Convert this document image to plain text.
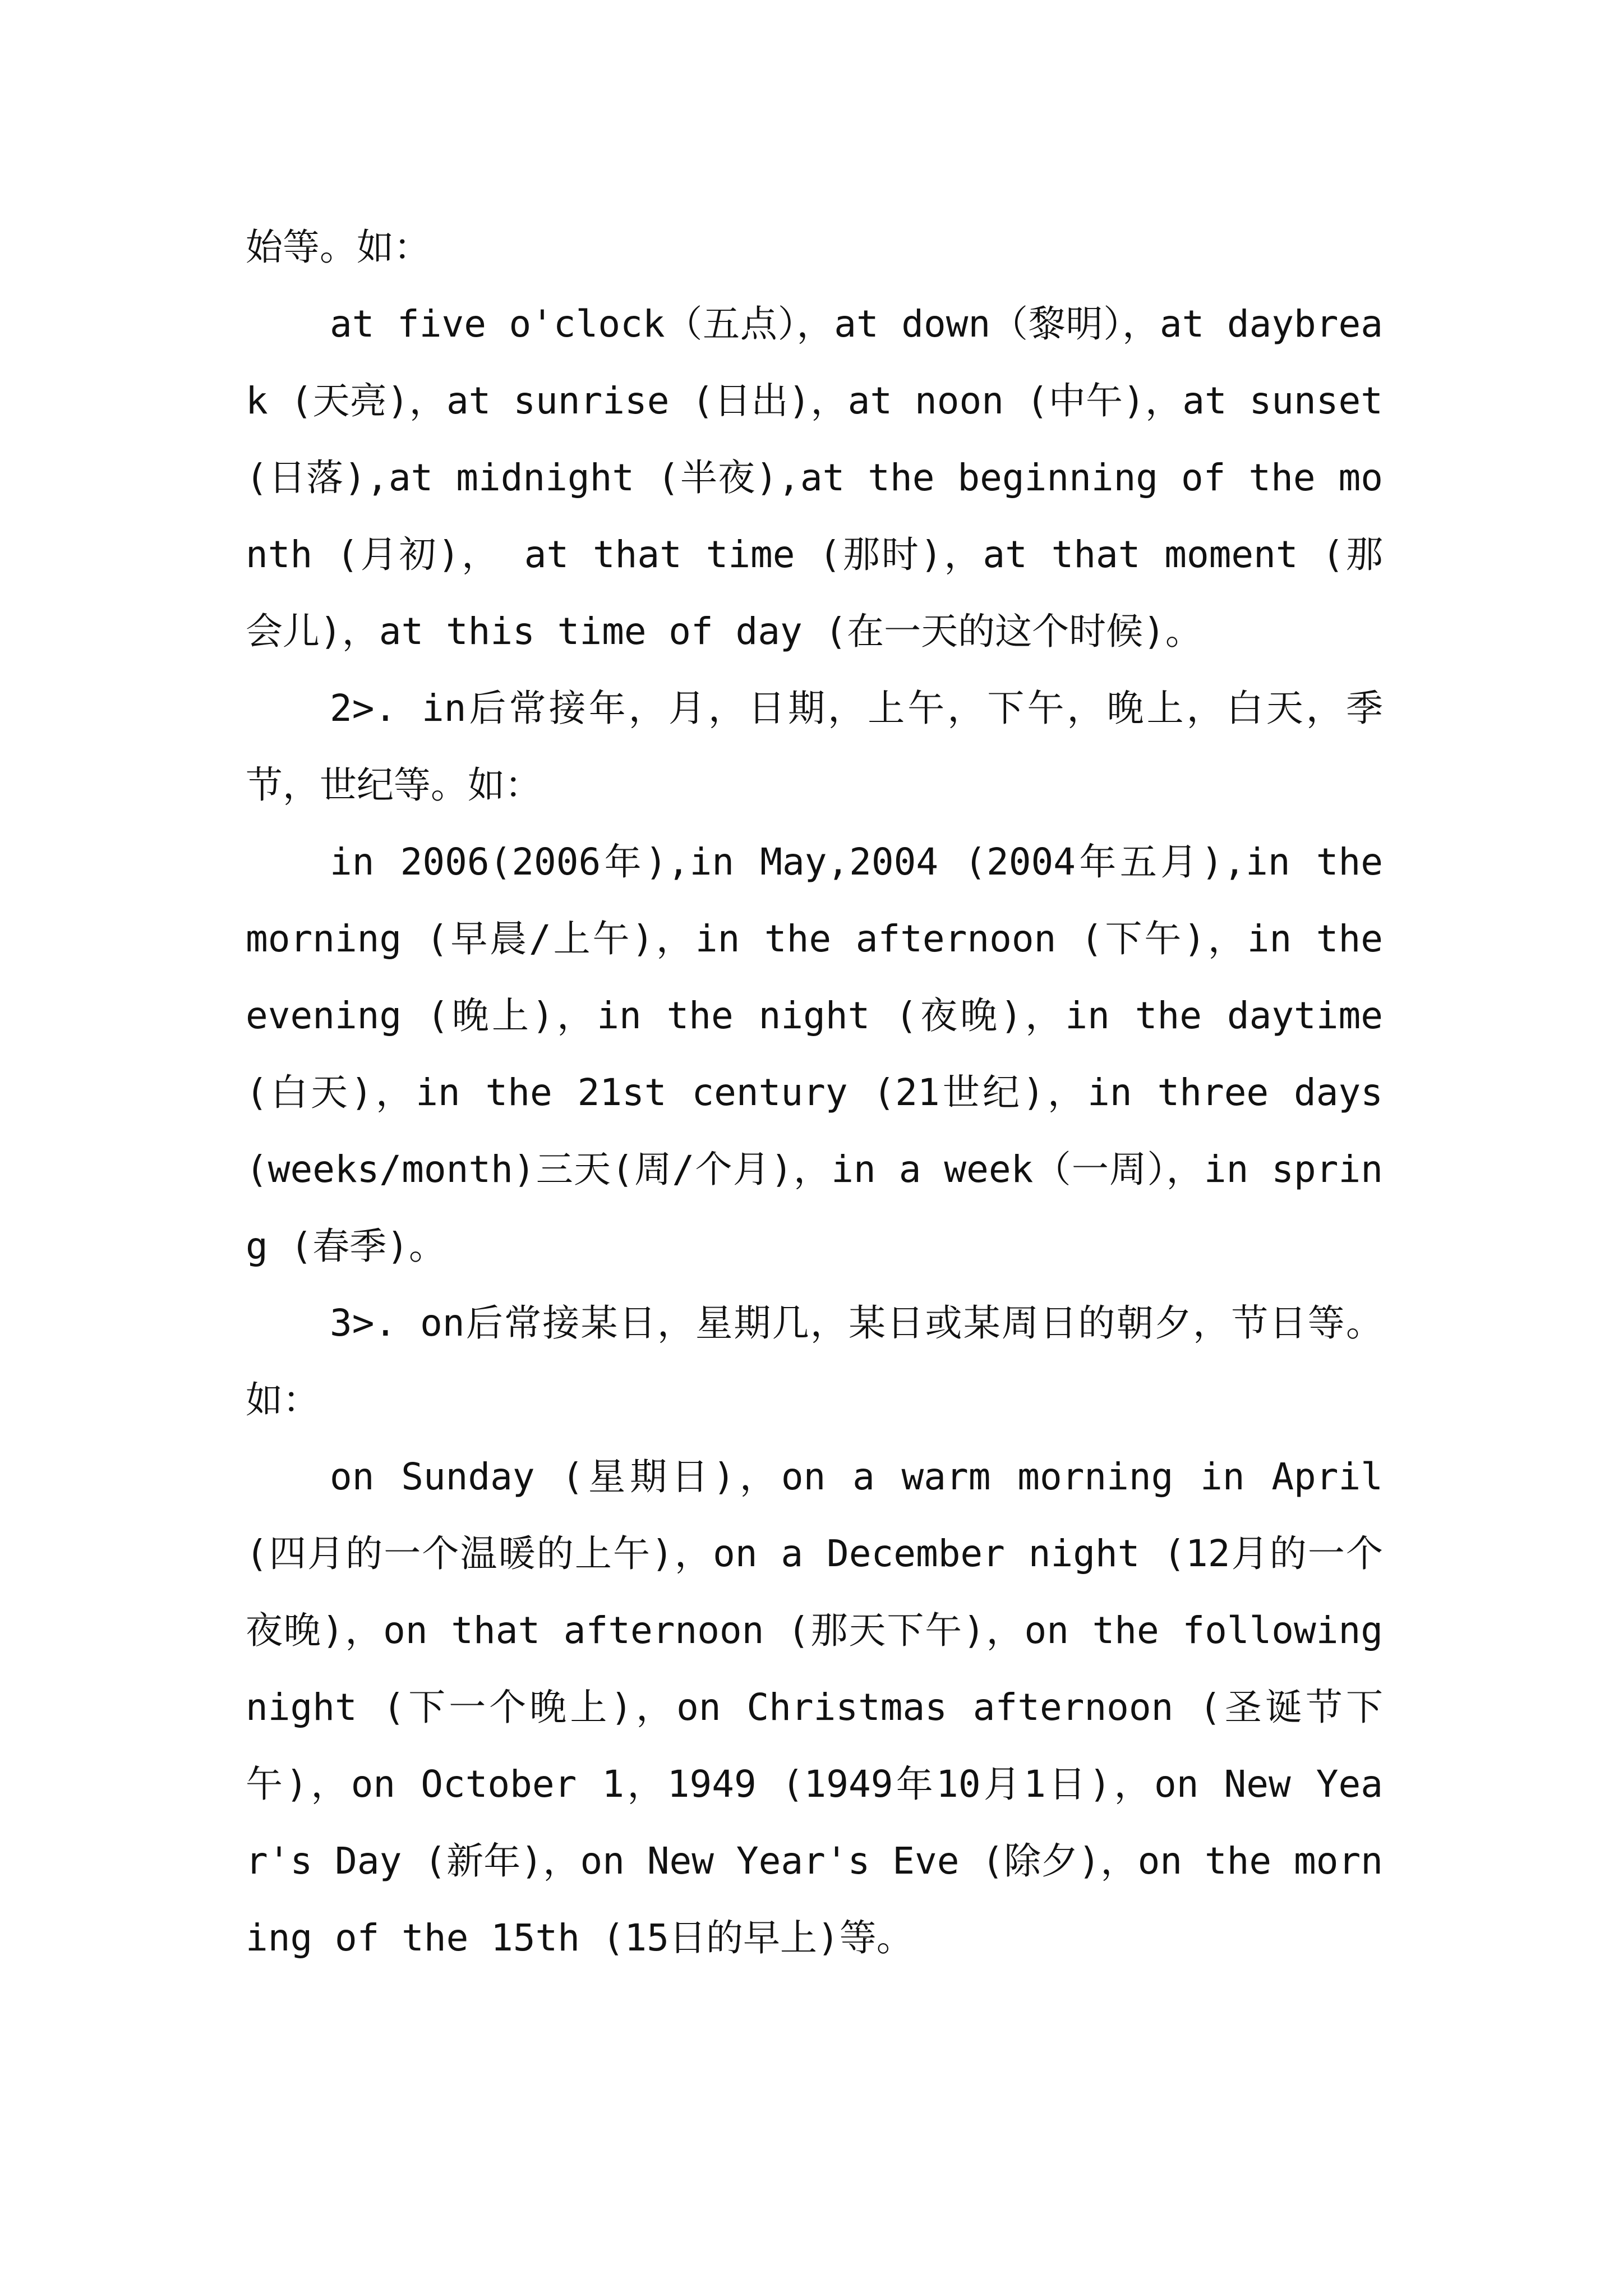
始等。如：

at five o'clock（五点），at down（黎明），at daybreak (天亮)，at sunrise (日出)，at noon (中午)，at sunset (日落),at midnight (半夜),at the beginning of the month (月初)， at that time (那时)，at that moment (那会儿)，at this time of day (在一天的这个时候)。

2>. in后常接年，月，日期，上午，下午，晚上，白天，季节，世纪等。如：

in 2006(2006年),in May,2004 (2004年五月),in the morning (早晨/上午)，in the afternoon (下午)，in the evening (晚上)，in the night (夜晚)，in the daytime (白天)，in the 21st century (21世纪)，in three days (weeks/month)三天(周/个月)，in a week（一周），in spring (春季)。

3>. on后常接某日，星期几，某日或某周日的朝夕，节日等。如：

on Sunday (星期日)，on a warm morning in April (四月的一个温暖的上午)，on a December night (12月的一个夜晚)，on that afternoon (那天下午)，on the following night (下一个晚上)，on Christmas afternoon (圣诞节下午)，on October 1，1949 (1949年10月1日)，on New Year's Day (新年)，on New Year's Eve (除夕)，on the morning of the 15th (15日的早上)等。
